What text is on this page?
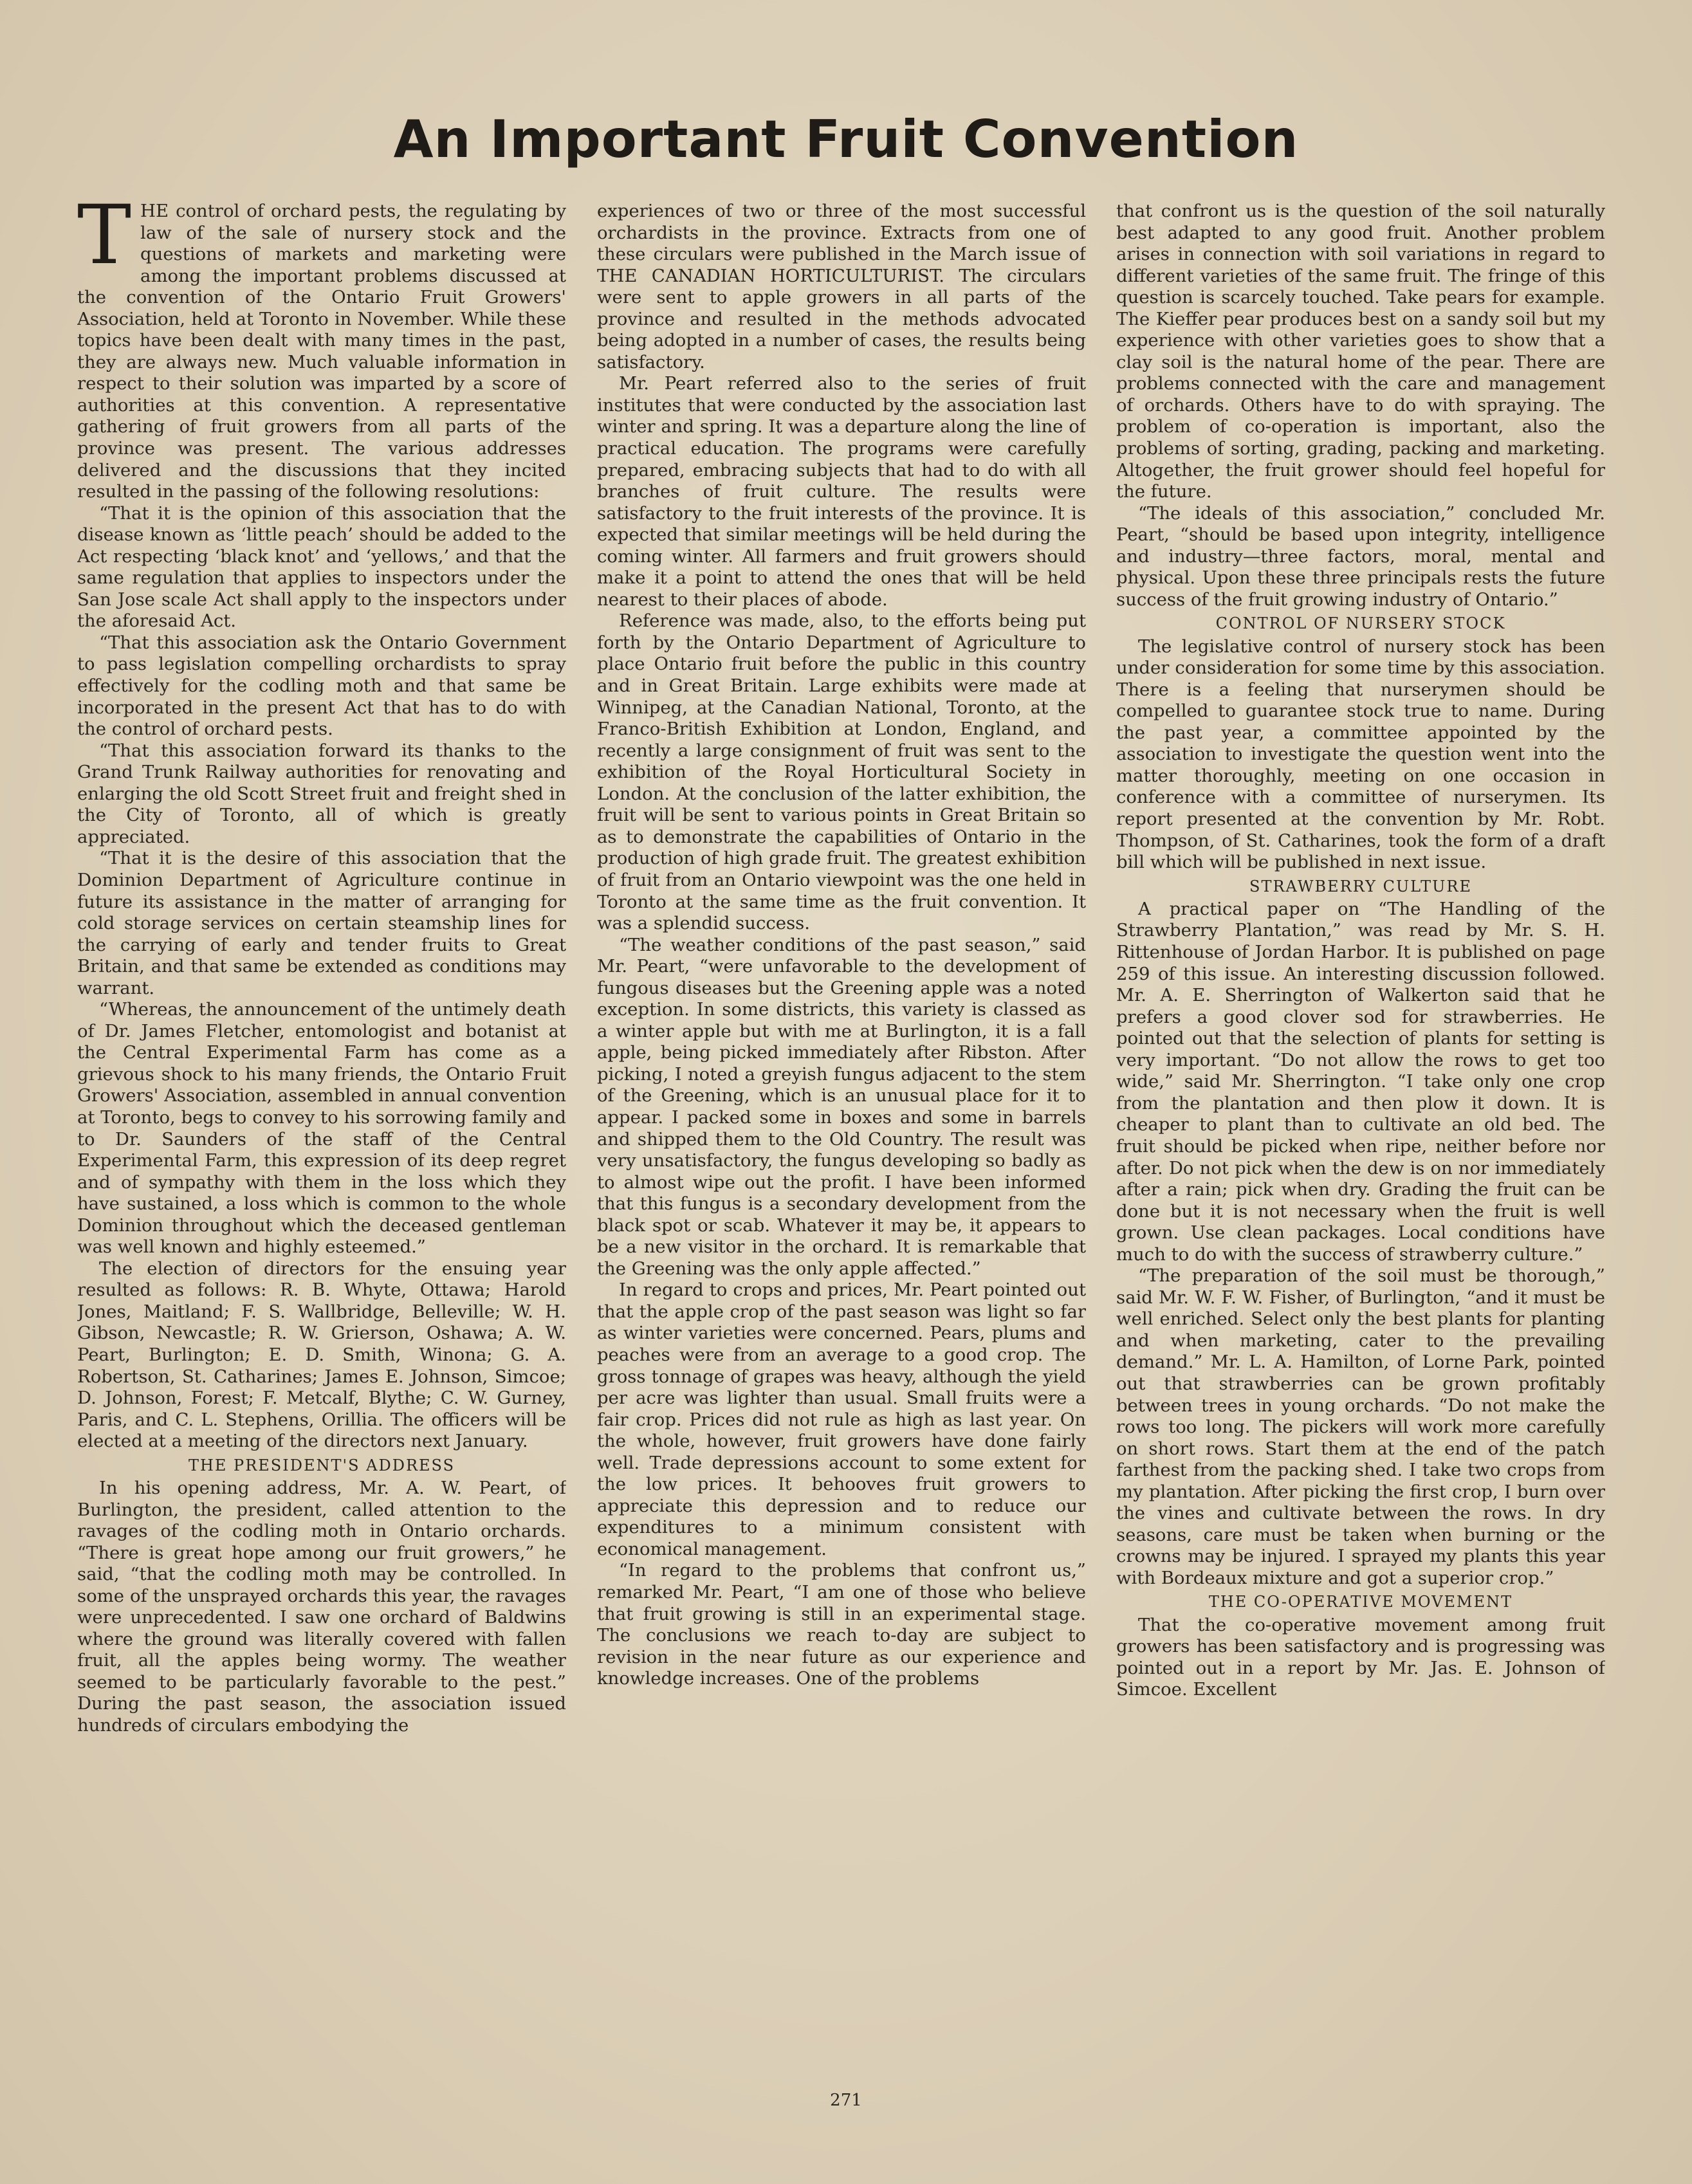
An Important Fruit Convention

THE control of orchard pests, the regulating by law of the sale of nursery stock and the questions of markets and marketing were among the important problems discussed at the convention of the Ontario Fruit Growers' Association, held at Toronto in November. While these topics have been dealt with many times in the past, they are always new. Much valuable information in respect to their solution was imparted by a score of authorities at this convention. A representative gathering of fruit growers from all parts of the province was present. The various addresses delivered and the discussions that they incited resulted in the passing of the following resolutions:

“That it is the opinion of this association that the disease known as ‘little peach’ should be added to the Act respecting ‘black knot’ and ‘yellows,’ and that the same regulation that applies to inspectors under the San Jose scale Act shall apply to the inspectors under the aforesaid Act.

“That this association ask the Ontario Government to pass legislation compelling orchardists to spray effectively for the codling moth and that same be incorporated in the present Act that has to do with the control of orchard pests.

“That this association forward its thanks to the Grand Trunk Railway authorities for renovating and enlarging the old Scott Street fruit and freight shed in the City of Toronto, all of which is greatly appreciated.

“That it is the desire of this association that the Dominion Department of Agriculture continue in future its assistance in the matter of arranging for cold storage services on certain steamship lines for the carrying of early and tender fruits to Great Britain, and that same be extended as conditions may warrant.

“Whereas, the announcement of the untimely death of Dr. James Fletcher, entomologist and botanist at the Central Experimental Farm has come as a grievous shock to his many friends, the Ontario Fruit Growers' Association, assembled in annual convention at Toronto, begs to convey to his sorrowing family and to Dr. Saunders of the staff of the Central Experimental Farm, this expression of its deep regret and of sympathy with them in the loss which they have sustained, a loss which is common to the whole Dominion throughout which the deceased gentleman was well known and highly esteemed.”

The election of directors for the ensuing year resulted as follows: R. B. Whyte, Ottawa; Harold Jones, Maitland; F. S. Wallbridge, Belleville; W. H. Gibson, Newcastle; R. W. Grierson, Oshawa; A. W. Peart, Burlington; E. D. Smith, Winona; G. A. Robertson, St. Catharines; James E. Johnson, Simcoe; D. Johnson, Forest; F. Metcalf, Blythe; C. W. Gurney, Paris, and C. L. Stephens, Orillia. The officers will be elected at a meeting of the directors next January.

THE PRESIDENT'S ADDRESS

In his opening address, Mr. A. W. Peart, of Burlington, the president, called attention to the ravages of the codling moth in Ontario orchards. “There is great hope among our fruit growers,” he said, “that the codling moth may be controlled. In some of the unsprayed orchards this year, the ravages were unprecedented. I saw one orchard of Baldwins where the ground was literally covered with fallen fruit, all the apples being wormy. The weather seemed to be particularly favorable to the pest.” During the past season, the association issued hundreds of circulars embodying the

experiences of two or three of the most successful orchardists in the province. Extracts from one of these circulars were published in the March issue of THE CANADIAN HORTICULTURIST. The circulars were sent to apple growers in all parts of the province and resulted in the methods advocated being adopted in a number of cases, the results being satisfactory.

Mr. Peart referred also to the series of fruit institutes that were conducted by the association last winter and spring. It was a departure along the line of practical education. The programs were carefully prepared, embracing subjects that had to do with all branches of fruit culture. The results were satisfactory to the fruit interests of the province. It is expected that similar meetings will be held during the coming winter. All farmers and fruit growers should make it a point to attend the ones that will be held nearest to their places of abode.

Reference was made, also, to the efforts being put forth by the Ontario Department of Agriculture to place Ontario fruit before the public in this country and in Great Britain. Large exhibits were made at Winnipeg, at the Canadian National, Toronto, at the Franco-British Exhibition at London, England, and recently a large consignment of fruit was sent to the exhibition of the Royal Horticultural Society in London. At the conclusion of the latter exhibition, the fruit will be sent to various points in Great Britain so as to demonstrate the capabilities of Ontario in the production of high grade fruit. The greatest exhibition of fruit from an Ontario viewpoint was the one held in Toronto at the same time as the fruit convention. It was a splendid success.

“The weather conditions of the past season,” said Mr. Peart, “were unfavorable to the development of fungous diseases but the Greening apple was a noted exception. In some districts, this variety is classed as a winter apple but with me at Burlington, it is a fall apple, being picked immediately after Ribston. After picking, I noted a greyish fungus adjacent to the stem of the Greening, which is an unusual place for it to appear. I packed some in boxes and some in barrels and shipped them to the Old Country. The result was very unsatisfactory, the fungus developing so badly as to almost wipe out the profit. I have been informed that this fungus is a secondary development from the black spot or scab. Whatever it may be, it appears to be a new visitor in the orchard. It is remarkable that the Greening was the only apple affected.”

In regard to crops and prices, Mr. Peart pointed out that the apple crop of the past season was light so far as winter varieties were concerned. Pears, plums and peaches were from an average to a good crop. The gross tonnage of grapes was heavy, although the yield per acre was lighter than usual. Small fruits were a fair crop. Prices did not rule as high as last year. On the whole, however, fruit growers have done fairly well. Trade depressions account to some extent for the low prices. It behooves fruit growers to appreciate this depression and to reduce our expenditures to a minimum consistent with economical management.

“In regard to the problems that confront us,” remarked Mr. Peart, “I am one of those who believe that fruit growing is still in an experimental stage. The conclusions we reach to-day are subject to revision in the near future as our experience and knowledge increases. One of the problems

that confront us is the question of the soil naturally best adapted to any good fruit. Another problem arises in connection with soil variations in regard to different varieties of the same fruit. The fringe of this question is scarcely touched. Take pears for example. The Kieffer pear produces best on a sandy soil but my experience with other varieties goes to show that a clay soil is the natural home of the pear. There are problems connected with the care and management of orchards. Others have to do with spraying. The problem of co-operation is important, also the problems of sorting, grading, packing and marketing. Altogether, the fruit grower should feel hopeful for the future.

“The ideals of this association,” concluded Mr. Peart, “should be based upon integrity, intelligence and industry—three factors, moral, mental and physical. Upon these three principals rests the future success of the fruit growing industry of Ontario.”

CONTROL OF NURSERY STOCK

The legislative control of nursery stock has been under consideration for some time by this association. There is a feeling that nurserymen should be compelled to guarantee stock true to name. During the past year, a committee appointed by the association to investigate the question went into the matter thoroughly, meeting on one occasion in conference with a committee of nurserymen. Its report presented at the convention by Mr. Robt. Thompson, of St. Catharines, took the form of a draft bill which will be published in next issue.

STRAWBERRY CULTURE

A practical paper on “The Handling of the Strawberry Plantation,” was read by Mr. S. H. Rittenhouse of Jordan Harbor. It is published on page 259 of this issue. An interesting discussion followed. Mr. A. E. Sherrington of Walkerton said that he prefers a good clover sod for strawberries. He pointed out that the selection of plants for setting is very important. “Do not allow the rows to get too wide,” said Mr. Sherrington. “I take only one crop from the plantation and then plow it down. It is cheaper to plant than to cultivate an old bed. The fruit should be picked when ripe, neither before nor after. Do not pick when the dew is on nor immediately after a rain; pick when dry. Grading the fruit can be done but it is not necessary when the fruit is well grown. Use clean packages. Local conditions have much to do with the success of strawberry culture.”

“The preparation of the soil must be thorough,” said Mr. W. F. W. Fisher, of Burlington, “and it must be well enriched. Select only the best plants for planting and when marketing, cater to the prevailing demand.” Mr. L. A. Hamilton, of Lorne Park, pointed out that strawberries can be grown profitably between trees in young orchards. “Do not make the rows too long. The pickers will work more carefully on short rows. Start them at the end of the patch farthest from the packing shed. I take two crops from my plantation. After picking the first crop, I burn over the vines and cultivate between the rows. In dry seasons, care must be taken when burning or the crowns may be injured. I sprayed my plants this year with Bordeaux mixture and got a superior crop.”

THE CO-OPERATIVE MOVEMENT

That the co-operative movement among fruit growers has been satisfactory and is progressing was pointed out in a report by Mr. Jas. E. Johnson of Simcoe. Excellent

271
